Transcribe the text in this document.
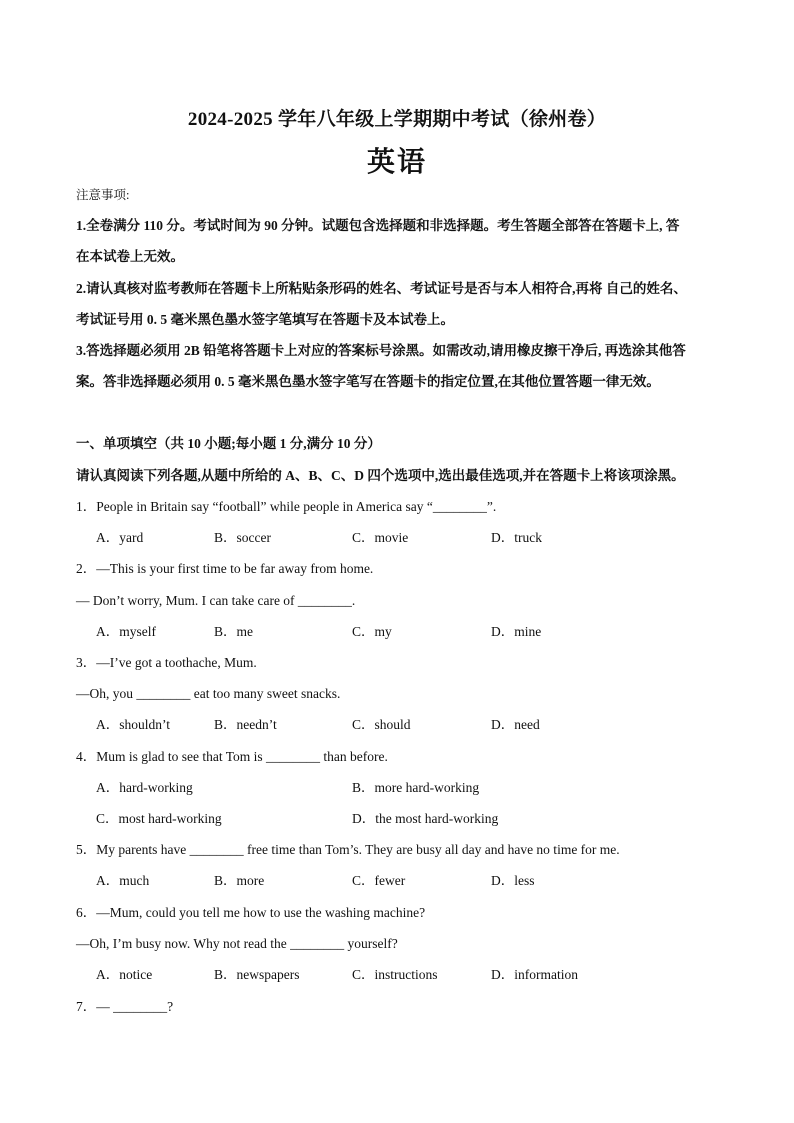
2024-2025 学年八年级上学期期中考试（徐州卷）
英语
注意事项:
1.全卷满分 110 分。考试时间为 90 分钟。试题包含选择题和非选择题。考生答题全部答在答题卡上, 答
在本试卷上无效。
2.请认真核对监考教师在答题卡上所粘贴条形码的姓名、考试证号是否与本人相符合,再将 自己的姓名、
考试证号用 0. 5 毫米黑色墨水签字笔填写在答题卡及本试卷上。
3.答选择题必须用 2B 铅笔将答题卡上对应的答案标号涂黑。如需改动,请用橡皮擦干净后, 再选涂其他答
案。答非选择题必须用 0. 5 毫米黑色墨水签字笔写在答题卡的指定位置,在其他位置答题一律无效。
一、单项填空（共 10 小题;每小题 1 分,满分 10 分）
请认真阅读下列各题,从题中所给的 A、B、C、D 四个选项中,选出最佳选项,并在答题卡上将该项涂黑。
1．People in Britain say “football” while people in America say “________”.
A．yard	B．soccer	C．movie	D．truck
2．—This is your first time to be far away from home.
— Don’t worry, Mum. I can take care of ________.
A．myself	B．me	C．my	D．mine
3．—I’ve got a toothache, Mum.
—Oh, you ________ eat too many sweet snacks.
A．shouldn’t	B．needn’t	C．should	D．need
4．Mum is glad to see that Tom is ________ than before.
A．hard-working	B．more hard-working
C．most hard-working	D．the most hard-working
5．My parents have ________ free time than Tom’s. They are busy all day and have no time for me.
A．much	B．more	C．fewer	D．less
6．—Mum, could you tell me how to use the washing machine?
—Oh, I’m busy now. Why not read the ________ yourself?
A．notice	B．newspapers	C．instructions	D．information
7．— ________?
